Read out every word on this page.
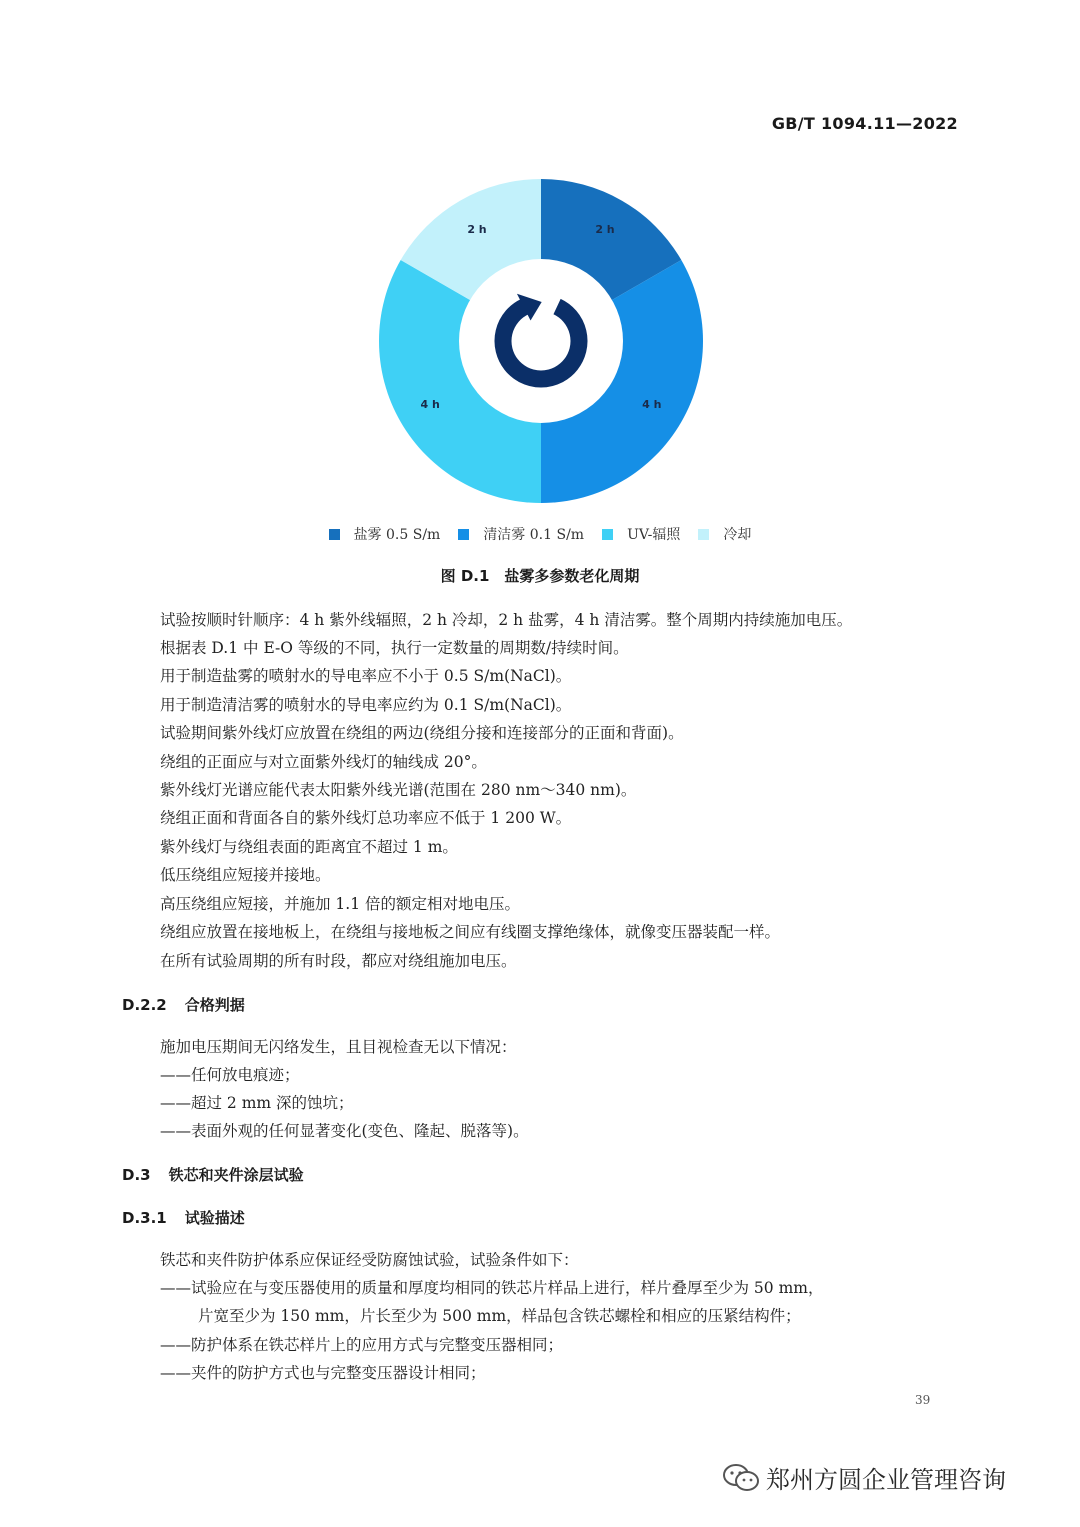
GB/T 1094.11—2022
2 h
4 h
4 h
2 h
盐雾 0.5 S/m	清洁雾 0.1 S/m	UV-辐照	冷却
图 D.1　盐雾多参数老化周期
试验按顺时针顺序：4 h 紫外线辐照，2 h 冷却，2 h 盐雾，4 h 清洁雾。整个周期内持续施加电压。
根据表 D.1 中 E-O 等级的不同，执行一定数量的周期数/持续时间。
用于制造盐雾的喷射水的导电率应不小于 0.5 S/m(NaCl)。
用于制造清洁雾的喷射水的导电率应约为 0.1 S/m(NaCl)。
试验期间紫外线灯应放置在绕组的两边(绕组分接和连接部分的正面和背面)。
绕组的正面应与对立面紫外线灯的轴线成 20°。
紫外线灯光谱应能代表太阳紫外线光谱(范围在 280 nm～340 nm)。
绕组正面和背面各自的紫外线灯总功率应不低于 1 200 W。
紫外线灯与绕组表面的距离宜不超过 1 m。
低压绕组应短接并接地。
高压绕组应短接，并施加 1.1 倍的额定相对地电压。
绕组应放置在接地板上，在绕组与接地板之间应有线圈支撑绝缘体，就像变压器装配一样。
在所有试验周期的所有时段，都应对绕组施加电压。
D.2.2 合格判据
施加电压期间无闪络发生，且目视检查无以下情况：
——任何放电痕迹；
——超过 2 mm 深的蚀坑；
——表面外观的任何显著变化(变色、隆起、脱落等)。
D.3 铁芯和夹件涂层试验
D.3.1 试验描述
铁芯和夹件防护体系应保证经受防腐蚀试验，试验条件如下：
——试验应在与变压器使用的质量和厚度均相同的铁芯片样品上进行，样片叠厚至少为 50 mm，
片宽至少为 150 mm，片长至少为 500 mm，样品包含铁芯螺栓和相应的压紧结构件；
——防护体系在铁芯样片上的应用方式与完整变压器相同；
——夹件的防护方式也与完整变压器设计相同；
39
郑州方圆企业管理咨询
